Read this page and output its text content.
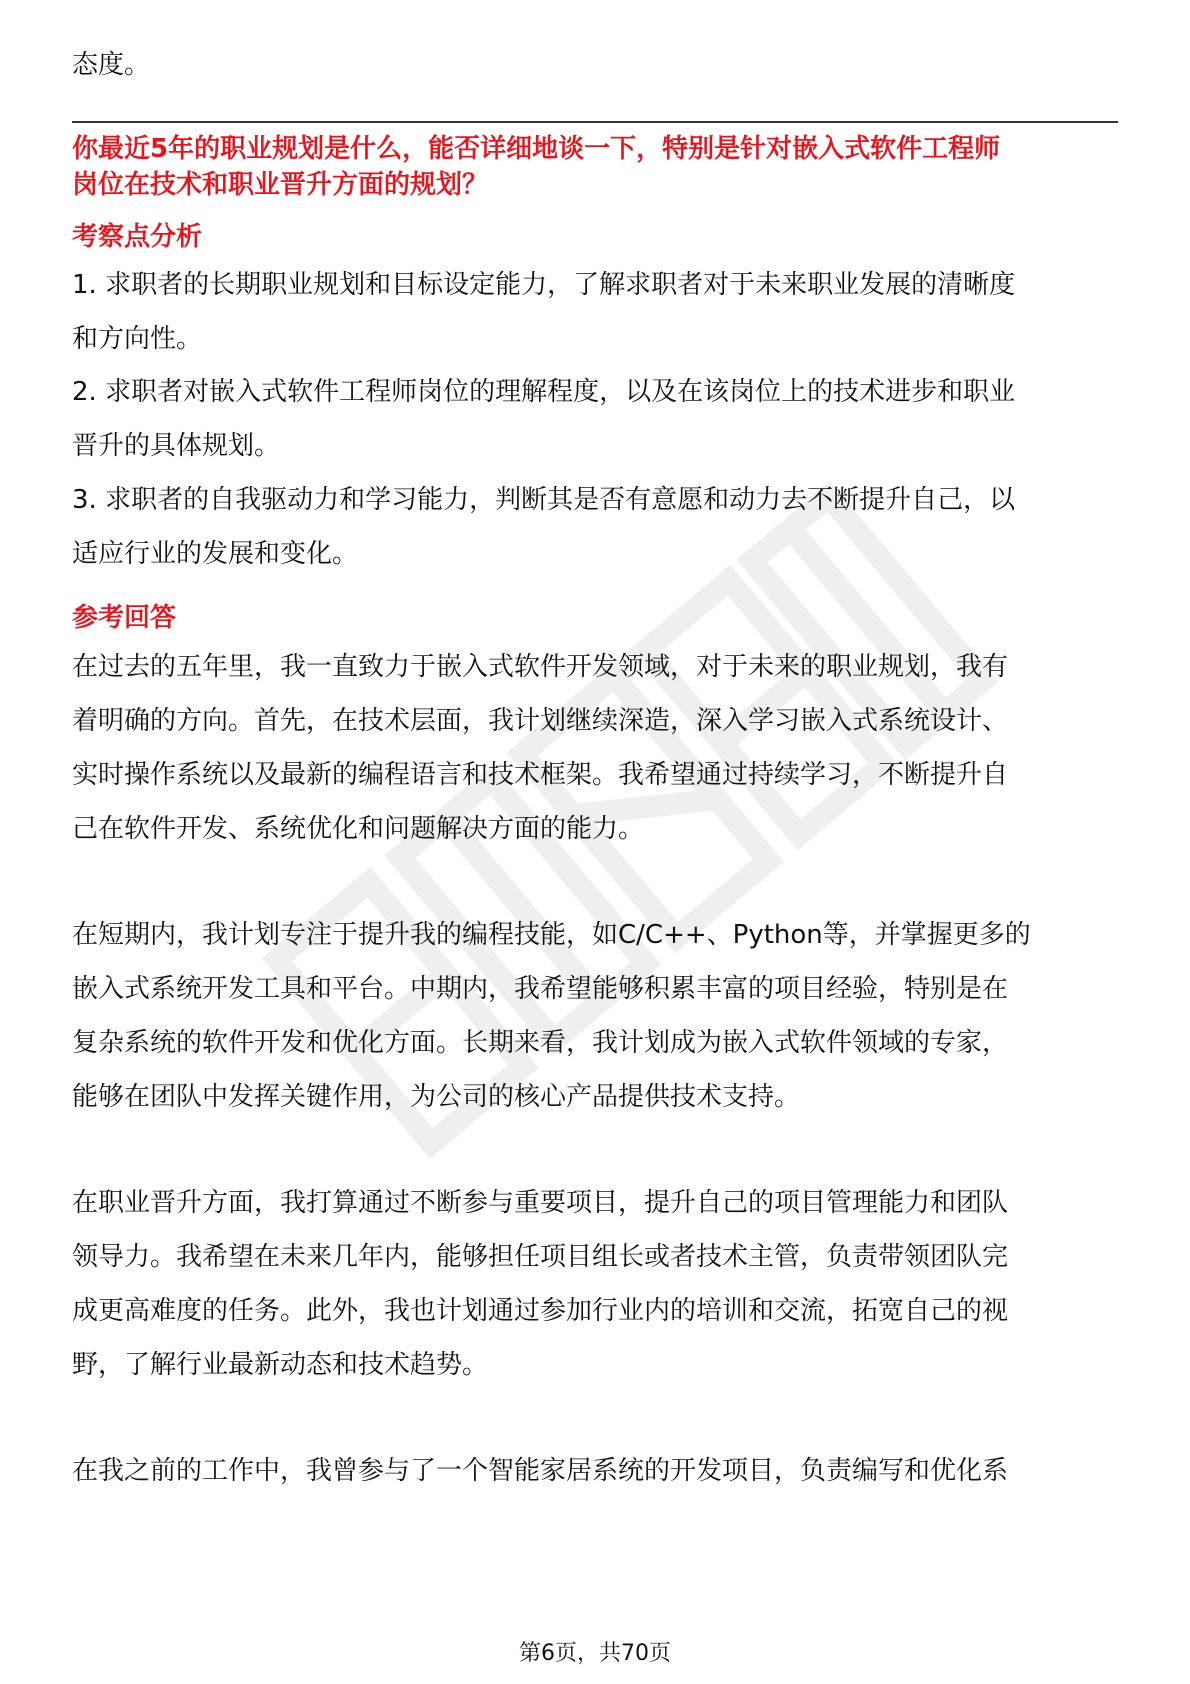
态度。
你最近5年的职业规划是什么，能否详细地谈一下，特别是针对嵌入式软件工程师
岗位在技术和职业晋升方面的规划？
考察点分析
1. 求职者的长期职业规划和目标设定能力，了解求职者对于未来职业发展的清晰度
和方向性。
2. 求职者对嵌入式软件工程师岗位的理解程度，以及在该岗位上的技术进步和职业
晋升的具体规划。
3. 求职者的自我驱动力和学习能力，判断其是否有意愿和动力去不断提升自己，以
适应行业的发展和变化。
参考回答
在过去的五年里，我一直致力于嵌入式软件开发领域，对于未来的职业规划，我有
着明确的方向。首先，在技术层面，我计划继续深造，深入学习嵌入式系统设计、
实时操作系统以及最新的编程语言和技术框架。我希望通过持续学习，不断提升自
己在软件开发、系统优化和问题解决方面的能力。
在短期内，我计划专注于提升我的编程技能，如C/C++、Python等，并掌握更多的
嵌入式系统开发工具和平台。中期内，我希望能够积累丰富的项目经验，特别是在
复杂系统的软件开发和优化方面。长期来看，我计划成为嵌入式软件领域的专家，
能够在团队中发挥关键作用，为公司的核心产品提供技术支持。
在职业晋升方面，我打算通过不断参与重要项目，提升自己的项目管理能力和团队
领导力。我希望在未来几年内，能够担任项目组长或者技术主管，负责带领团队完
成更高难度的任务。此外，我也计划通过参加行业内的培训和交流，拓宽自己的视
野，了解行业最新动态和技术趋势。
在我之前的工作中，我曾参与了一个智能家居系统的开发项目，负责编写和优化系
第6页，共70页
